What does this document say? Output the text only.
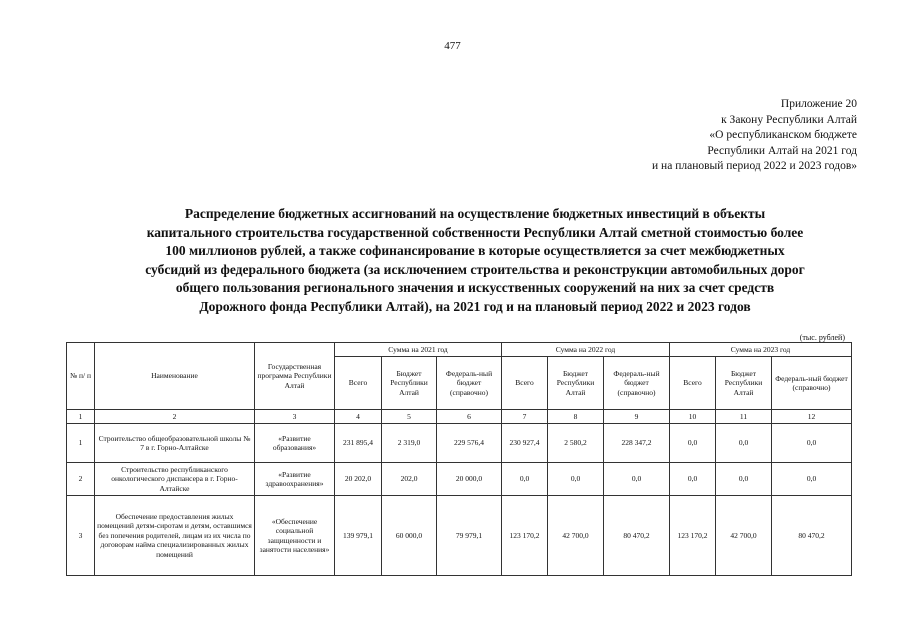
477
Приложение 20
к Закону Республики Алтай
«О республиканском бюджете
Республики Алтай на 2021 год
и на плановый период 2022 и 2023 годов»
Распределение бюджетных ассигнований на осуществление бюджетных инвестиций в объекты
капитального строительства государственной собственности Республики Алтай сметной стоимостью более
100 миллионов рублей, а также софинансирование в которые осуществляется за счет межбюджетных
субсидий из федерального бюджета (за исключением строительства и реконструкции автомобильных дорог
общего пользования регионального значения и искусственных сооружений на них за счет средств
Дорожного фонда Республики Алтай), на 2021 год и на плановый период 2022 и 2023 годов
(тыс. рублей)
№ п/ п	Наименование	Государственная программа Республики Алтай	Сумма на 2021 год			Сумма на 2022 год			Сумма на 2023 год		
			Всего	Бюджет Республики Алтай	Федераль-ный бюджет (справочно)	Всего	Бюджет Республики Алтай	Федераль-ный бюджет (справочно)	Всего	Бюджет Республики Алтай	Федераль-ный бюджет (справочно)
1	2	3	4	5	6	7	8	9	10	11	12
1	Строительство общеобразовательной школы № 7 в г. Горно-Алтайске	«Развитие образования»	231 895,4	2 319,0	229 576,4	230 927,4	2 580,2	228 347,2	0,0	0,0	0,0
2	Строительство республиканского онкологического диспансера в г. Горно-Алтайске	«Развитие здравоохранения»	20 202,0	202,0	20 000,0	0,0	0,0	0,0	0,0	0,0	0,0
3	Обеспечение предоставления жилых помещений детям-сиротам и детям, оставшимся без попечения родителей, лицам из их числа по договорам найма специализированных жилых помещений	«Обеспечение социальной защищенности и занятости населения»	139 979,1	60 000,0	79 979,1	123 170,2	42 700,0	80 470,2	123 170,2	42 700,0	80 470,2
